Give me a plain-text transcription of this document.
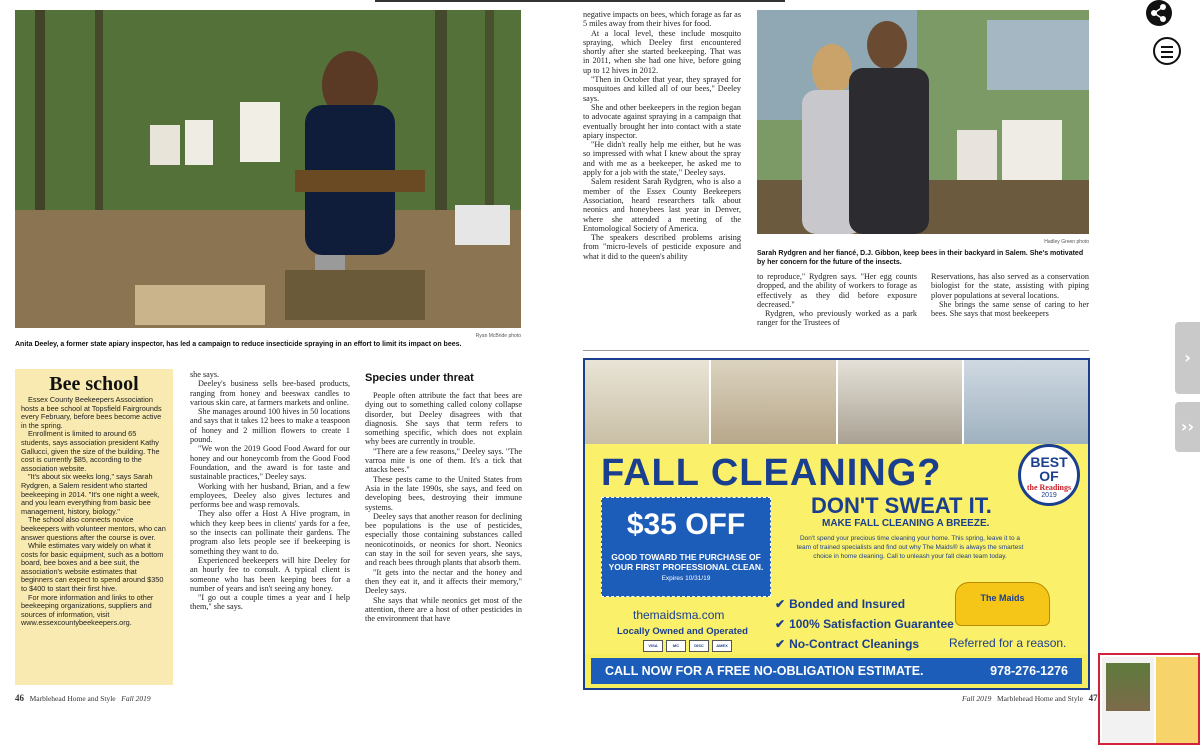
Ryan McBride photo
Anita Deeley, a former state apiary inspector, has led a campaign to reduce insecticide spraying in an effort to limit its impact on bees.
Bee school

Essex County Beekeepers Association hosts a bee school at Topsfield Fairgrounds every February, before bees become active in the spring.

Enrollment is limited to around 65 students, says association president Kathy Gallucci, given the size of the building. The cost is currently $85, according to the association website.

"It's about six weeks long," says Sarah Rydgren, a Salem resident who started beekeeping in 2014. "It's one night a week, and you learn everything from basic bee management, history, biology."

The school also connects novice beekeepers with volunteer mentors, who can answer questions after the course is over.

While estimates vary widely on what it costs for basic equipment, such as a bottom board, bee boxes and a bee suit, the association's website estimates that beginners can expect to spend around $350 to $400 to start their first hive.

For more information and links to other beekeeping organizations, suppliers and sources of information, visit www.essexcountybeekeepers.org.

she says.

Deeley's business sells bee-based products, ranging from honey and beeswax candles to various skin care, at farmers markets and online.

She manages around 100 hives in 50 locations and says that it takes 12 bees to make a teaspoon of honey and 2 million flowers to create 1 pound.

"We won the 2019 Good Food Award for our honey and our honeycomb from the Good Food Foundation, and the award is for taste and sustainable practices," Deeley says.

Working with her husband, Brian, and a few employees, Deeley also gives lectures and performs bee and wasp removals.

They also offer a Host A Hive program, in which they keep bees in clients' yards for a fee, so the insects can pollinate their gardens. The program also lets people see if beekeeping is something they want to do.

Experienced beekeepers will hire Deeley for an hourly fee to consult. A typical client is someone who has been keeping bees for a number of years and isn't seeing any honey.

"I go out a couple times a year and I help them," she says.

Species under threat

People often attribute the fact that bees are dying out to something called colony collapse disorder, but Deeley disagrees with that diagnosis. She says that term refers to something specific, which does not explain why bees are currently in trouble.

"There are a few reasons," Deeley says. "The varroa mite is one of them. It's a tick that attacks bees."

These pests came to the United States from Asia in the late 1990s, she says, and feed on developing bees, destroying their immune systems.

Deeley says that another reason for declining bee populations is the use of pesticides, especially those containing substances called neonicotinoids, or neonics for short. Neonics can stay in the soil for seven years, she says, and reach bees through plants that absorb them.

"It gets into the nectar and the honey and then they eat it, and it affects their memory," Deeley says.

She says that while neonics get most of the attention, there are a host of other pesticides in the environment that have

46 Marblehead Home and Style Fall 2019

negative impacts on bees, which forage as far as 5 miles away from their hives for food.

At a local level, these include mosquito spraying, which Deeley first encountered shortly after she started beekeeping. That was in 2011, when she had one hive, before going up to 12 hives in 2012.

"Then in October that year, they sprayed for mosquitoes and killed all of our bees," Deeley says.

She and other beekeepers in the region began to advocate against spraying in a campaign that eventually brought her into contact with a state apiary inspector.

"He didn't really help me either, but he was so impressed with what I knew about the spray and with me as a beekeeper, he asked me to apply for a job with the state," Deeley says.

Salem resident Sarah Rydgren, who is also a member of the Essex County Beekeepers Association, heard researchers talk about neonics and honeybees last year in Denver, where she attended a meeting of the Entomological Society of America.

The speakers described problems arising from "micro-levels of pesticide exposure and what it did to the queen's ability

Hadley Green photo
Sarah Rydgren and her fiancé, D.J. Gibbon, keep bees in their backyard in Salem. She's motivated by her concern for the future of the insects.

to reproduce," Rydgren says. "Her egg counts dropped, and the ability of workers to forage as effectively as they did before exposure decreased."

Rydgren, who previously worked as a park ranger for the Trustees of

Reservations, has also served as a conservation biologist for the state, assisting with piping plover populations at several locations.

She brings the same sense of caring to her bees. She says that most beekeepers

FALL CLEANING?	BEST OF
the Readings
2019
DON'T SWEAT IT.
MAKE FALL CLEANING A BREEZE.
Don't spend your precious time cleaning your home. This spring, leave it to a team of trained specialists and find out why The Maids® is always the smartest choice in home cleaning. Call to unleash your fall clean team today.
$35 OFF
GOOD TOWARD THE PURCHASE OF YOUR FIRST PROFESSIONAL CLEAN.
Expires 10/31/19
themaidsma.com
Locally Owned and Operated
VISA	MC	DISC	AMEX
✔ Bonded and Insured
✔ 100% Satisfaction Guarantee
✔ No-Contract Cleanings
The Maids
Referred for a reason.
CALL NOW FOR A FREE NO-OBLIGATION ESTIMATE.	978-276-1276
Fall 2019 Marblehead Home and Style 47
›
››
